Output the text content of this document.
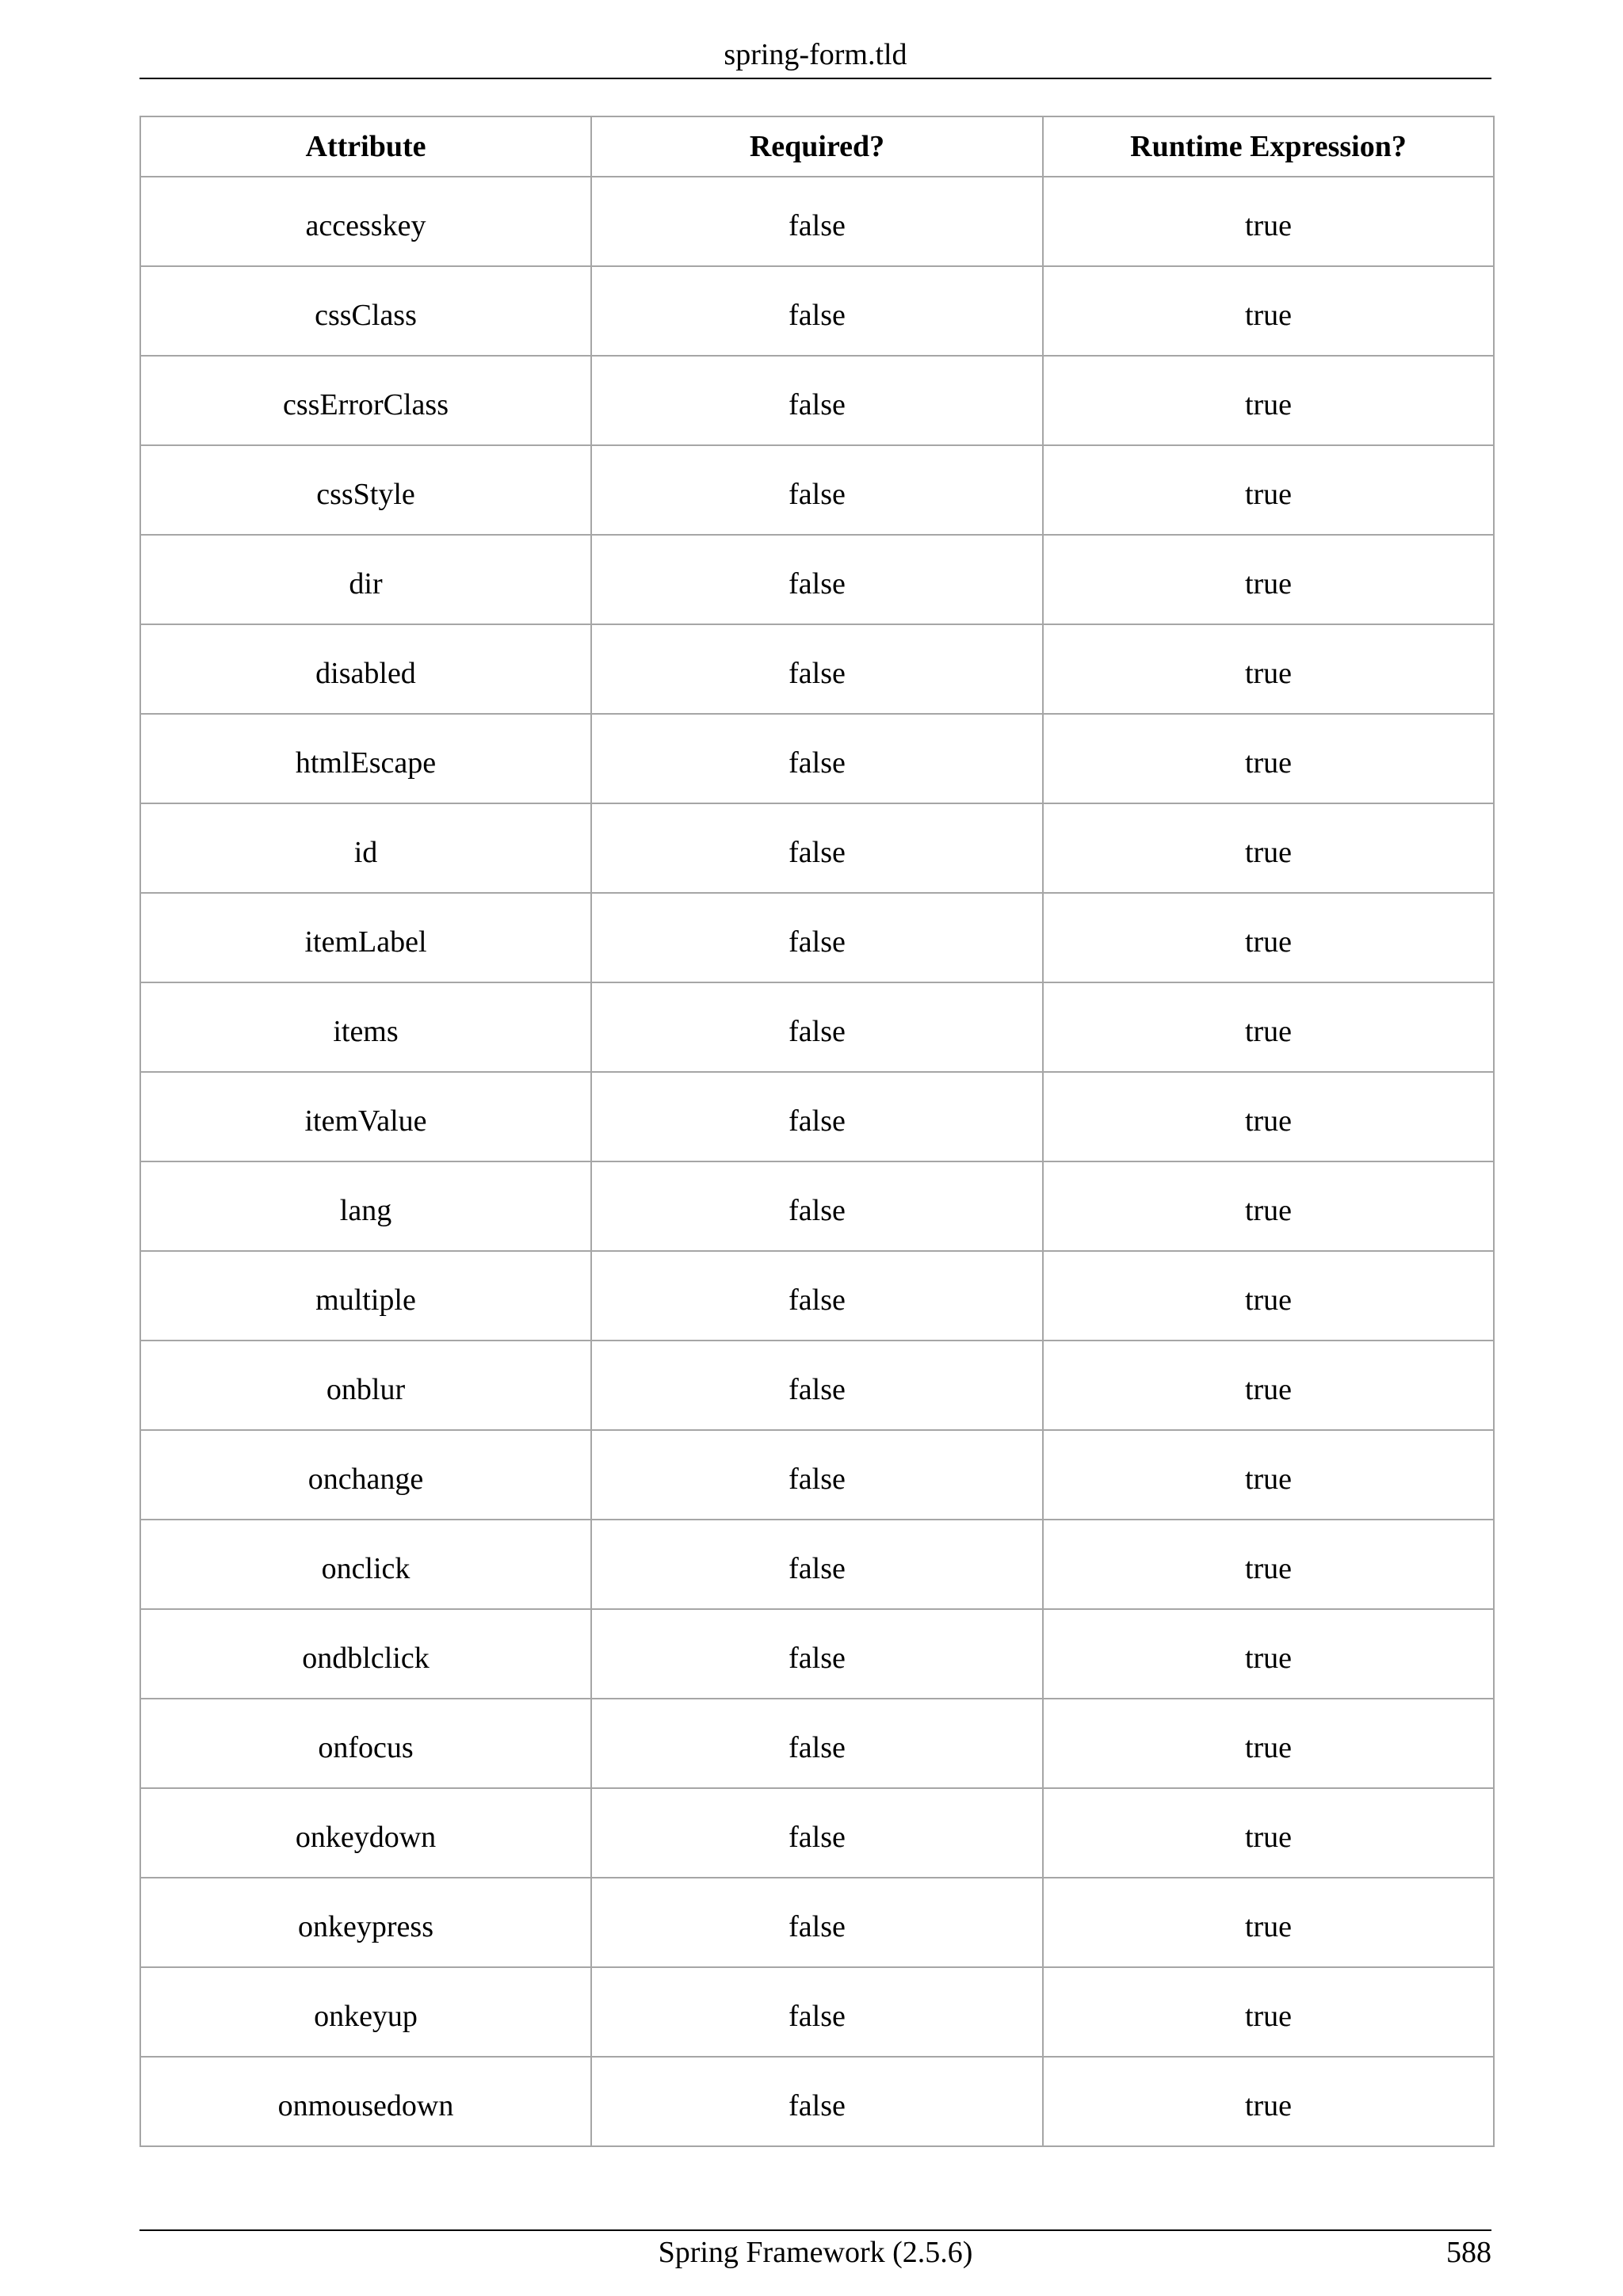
spring-form.tld
Attribute	Required?	Runtime Expression?
accesskey	false	true
cssClass	false	true
cssErrorClass	false	true
cssStyle	false	true
dir	false	true
disabled	false	true
htmlEscape	false	true
id	false	true
itemLabel	false	true
items	false	true
itemValue	false	true
lang	false	true
multiple	false	true
onblur	false	true
onchange	false	true
onclick	false	true
ondblclick	false	true
onfocus	false	true
onkeydown	false	true
onkeypress	false	true
onkeyup	false	true
onmousedown	false	true
Spring Framework (2.5.6)	588
